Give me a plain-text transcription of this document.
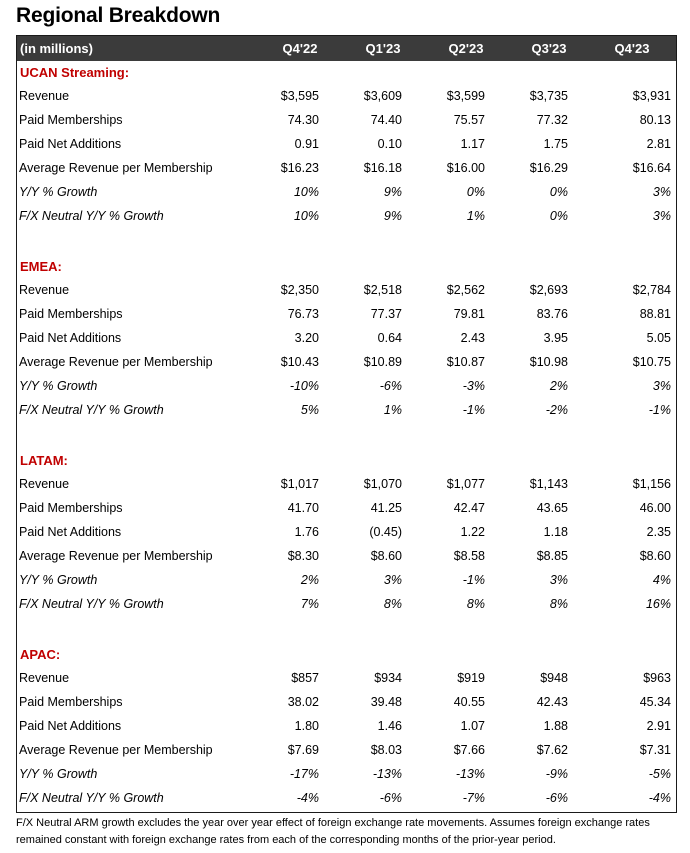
Regional Breakdown
(in millions)	Q4'22	Q1'23	Q2'23	Q3'23	Q4'23
UCAN Streaming:
Revenue	$3,595	$3,609	$3,599	$3,735	$3,931
Paid Memberships	74.30	74.40	75.57	77.32	80.13
Paid Net Additions	0.91	0.10	1.17	1.75	2.81
Average Revenue per Membership	$16.23	$16.18	$16.00	$16.29	$16.64
Y/Y % Growth	10%	9%	0%	0%	3%
F/X Neutral Y/Y % Growth	10%	9%	1%	0%	3%
EMEA:
Revenue	$2,350	$2,518	$2,562	$2,693	$2,784
Paid Memberships	76.73	77.37	79.81	83.76	88.81
Paid Net Additions	3.20	0.64	2.43	3.95	5.05
Average Revenue per Membership	$10.43	$10.89	$10.87	$10.98	$10.75
Y/Y % Growth	-10%	-6%	-3%	2%	3%
F/X Neutral Y/Y % Growth	5%	1%	-1%	-2%	-1%
LATAM:
Revenue	$1,017	$1,070	$1,077	$1,143	$1,156
Paid Memberships	41.70	41.25	42.47	43.65	46.00
Paid Net Additions	1.76	(0.45)	1.22	1.18	2.35
Average Revenue per Membership	$8.30	$8.60	$8.58	$8.85	$8.60
Y/Y % Growth	2%	3%	-1%	3%	4%
F/X Neutral Y/Y % Growth	7%	8%	8%	8%	16%
APAC:
Revenue	$857	$934	$919	$948	$963
Paid Memberships	38.02	39.48	40.55	42.43	45.34
Paid Net Additions	1.80	1.46	1.07	1.88	2.91
Average Revenue per Membership	$7.69	$8.03	$7.66	$7.62	$7.31
Y/Y % Growth	-17%	-13%	-13%	-9%	-5%
F/X Neutral Y/Y % Growth	-4%	-6%	-7%	-6%	-4%
F/X Neutral ARM growth excludes the year over year effect of foreign exchange rate movements. Assumes foreign exchange rates remained constant with foreign exchange rates from each of the corresponding months of the prior-year period.
